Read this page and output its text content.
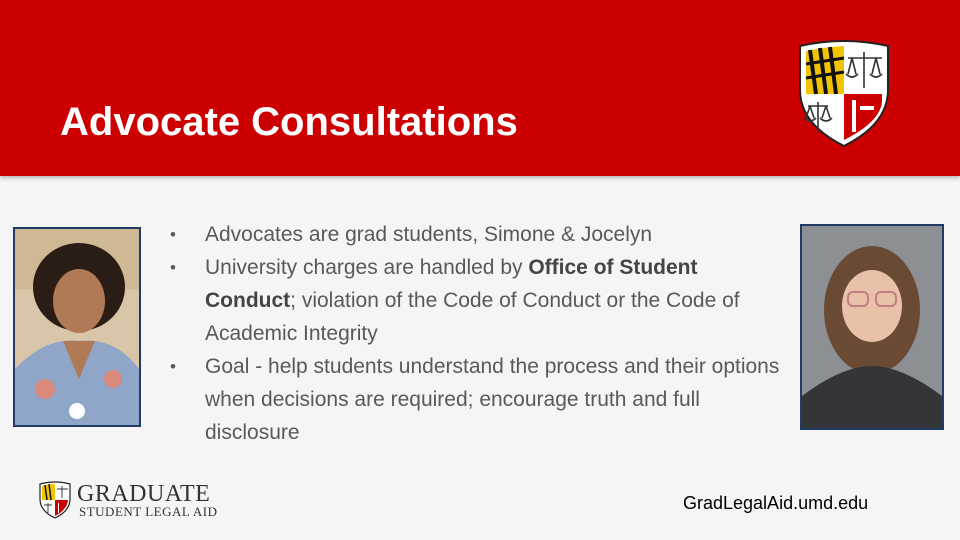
Advocate Consultations
• Advocates are grad students, Simone & Jocelyn
• University charges are handled by Office of Student Conduct; violation of the Code of Conduct or the Code of Academic Integrity
• Goal - help students understand the process and their options when decisions are required; encourage truth and full disclosure
GRADUATE
STUDENT LEGAL AID	GradLegalAid.umd.edu
